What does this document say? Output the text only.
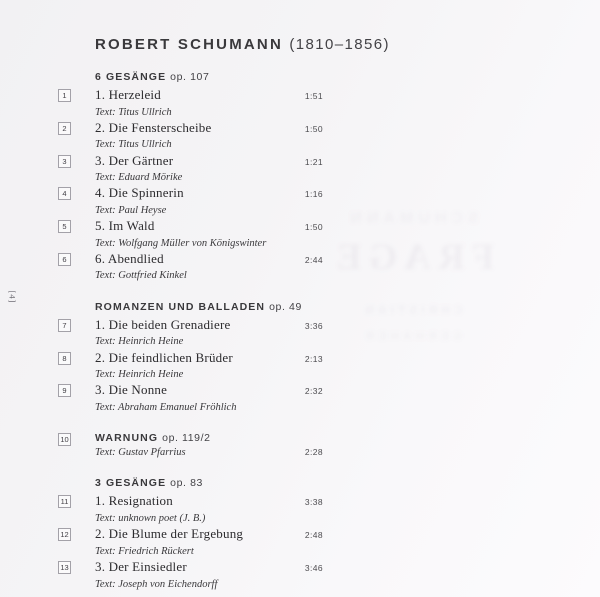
FRAGE
CHRISTIAN
[4]
ROBERT SCHUMANN (1810–1856)
6 GESÄNGE op. 107
1	1. Herzeleid	1:51
Text: Titus Ullrich
2	2. Die Fensterscheibe	1:50
Text: Titus Ullrich
3	3. Der Gärtner	1:21
Text: Eduard Mörike
4	4. Die Spinnerin	1:16
Text: Paul Heyse
5	5. Im Wald	1:50
Text: Wolfgang Müller von Königswinter
6	6. Abendlied	2:44
Text: Gottfried Kinkel
ROMANZEN UND BALLADEN op. 49
7	1. Die beiden Grenadiere	3:36
Text: Heinrich Heine
8	2. Die feindlichen Brüder	2:13
Text: Heinrich Heine
9	3. Die Nonne	2:32
Text: Abraham Emanuel Fröhlich
10	WARNUNG op. 119/2
Text: Gustav Pfarrius	2:28
3 GESÄNGE op. 83
11 1. Resignation	3:38
Text: unknown poet (J. B.)
12 2. Die Blume der Ergebung	2:48
Text: Friedrich Rückert
13 3. Der Einsiedler	3:46
Text: Joseph von Eichendorff
